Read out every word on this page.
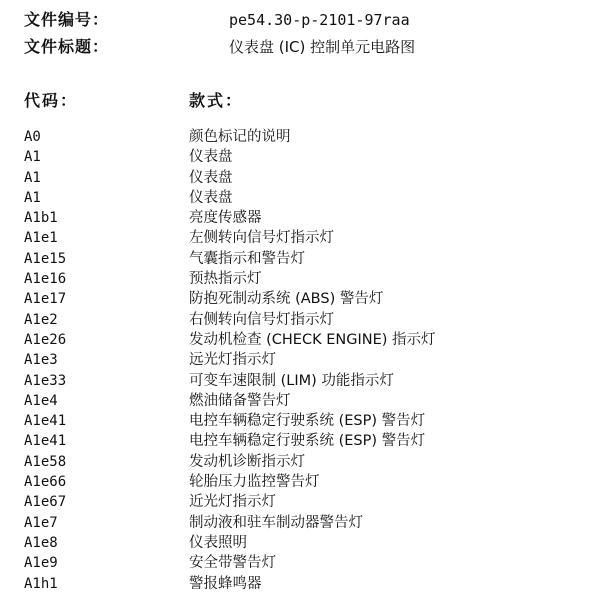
文件编号：	pe54.30-p-2101-97raa
文件标题：	仪表盘 (IC) 控制单元电路图
代码：	款式：
A0	颜色标记的说明
A1	仪表盘
A1	仪表盘
A1	仪表盘
A1b1	亮度传感器
A1e1	左侧转向信号灯指示灯
A1e15	气囊指示和警告灯
A1e16	预热指示灯
A1e17	防抱死制动系统 (ABS) 警告灯
A1e2	右侧转向信号灯指示灯
A1e26	发动机检查 (CHECK ENGINE) 指示灯
A1e3	远光灯指示灯
A1e33	可变车速限制 (LIM) 功能指示灯
A1e4	燃油储备警告灯
A1e41	电控车辆稳定行驶系统 (ESP) 警告灯
A1e41	电控车辆稳定行驶系统 (ESP) 警告灯
A1e58	发动机诊断指示灯
A1e66	轮胎压力监控警告灯
A1e67	近光灯指示灯
A1e7	制动液和驻车制动器警告灯
A1e8	仪表照明
A1e9	安全带警告灯
A1h1	警报蜂鸣器
